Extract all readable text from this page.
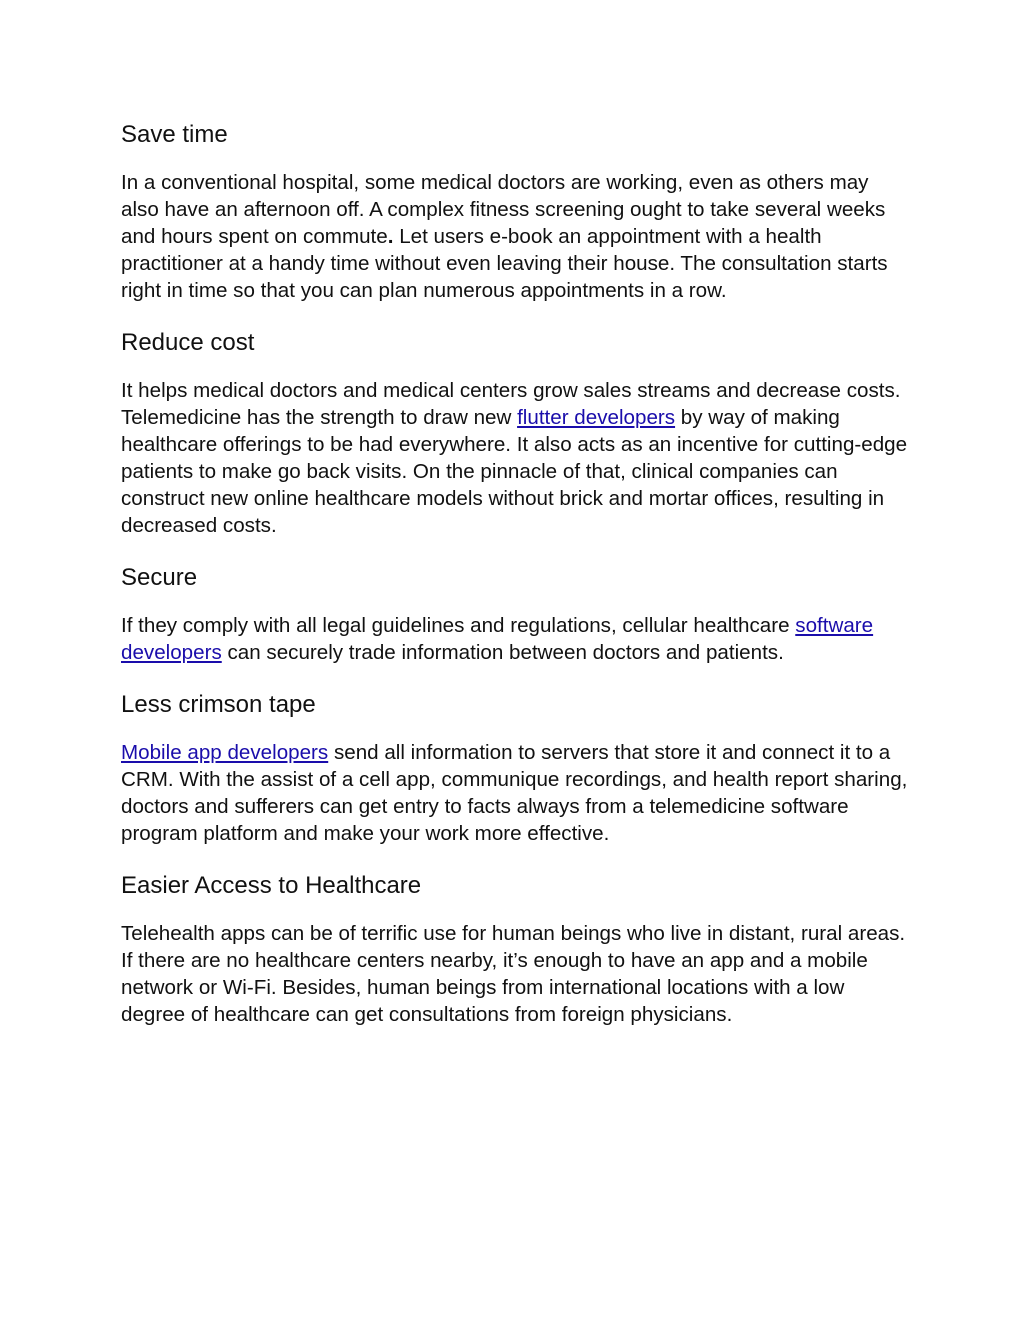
Save time

In a conventional hospital, some medical doctors are working, even as others may also have an afternoon off. A complex fitness screening ought to take several weeks and hours spent on commute. Let users e-book an appointment with a health practitioner at a handy time without even leaving their house. The consultation starts right in time so that you can plan numerous appointments in a row.

Reduce cost

It helps medical doctors and medical centers grow sales streams and decrease costs. Telemedicine has the strength to draw new flutter developers by way of making healthcare offerings to be had everywhere. It also acts as an incentive for cutting-edge patients to make go back visits. On the pinnacle of that, clinical companies can construct new online healthcare models without brick and mortar offices, resulting in decreased costs.

Secure

If they comply with all legal guidelines and regulations, cellular healthcare software developers can securely trade information between doctors and patients.

Less crimson tape

Mobile app developers send all information to servers that store it and connect it to a CRM. With the assist of a cell app, communique recordings, and health report sharing, doctors and sufferers can get entry to facts always from a telemedicine software program platform and make your work more effective.

Easier Access to Healthcare

Telehealth apps can be of terrific use for human beings who live in distant, rural areas. If there are no healthcare centers nearby, it’s enough to have an app and a mobile network or Wi-Fi. Besides, human beings from international locations with a low degree of healthcare can get consultations from foreign physicians.
